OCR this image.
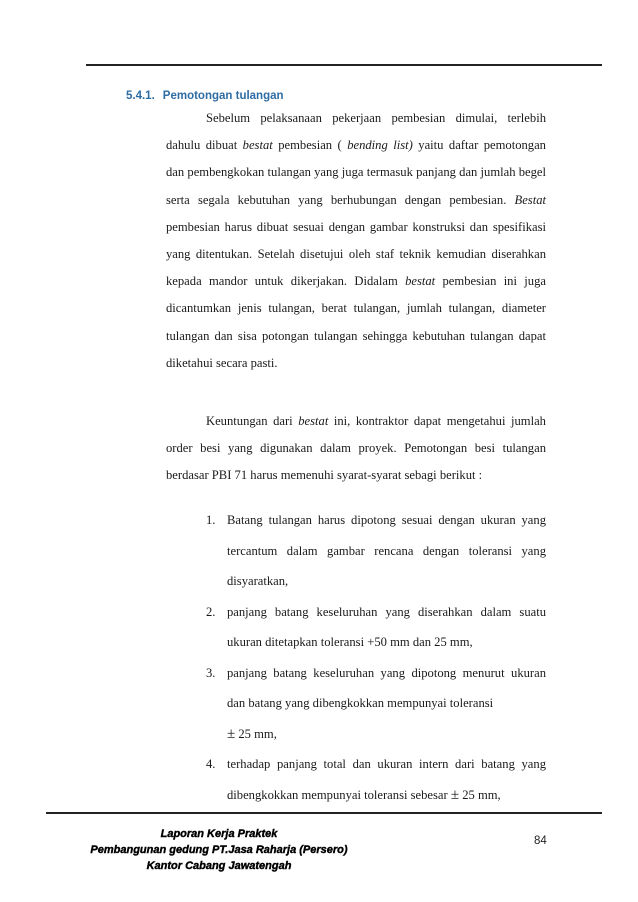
5.4.1. Pemotongan tulangan

Sebelum pelaksanaan pekerjaan pembesian dimulai, terlebih dahulu dibuat bestat pembesian ( bending list) yaitu daftar pemotongan dan pembengkokan tulangan yang juga termasuk panjang dan jumlah begel serta segala kebutuhan yang berhubungan dengan pembesian. Bestat pembesian harus dibuat sesuai dengan gambar konstruksi dan spesifikasi yang ditentukan. Setelah disetujui oleh staf teknik kemudian diserahkan kepada mandor untuk dikerjakan. Didalam bestat pembesian ini juga dicantumkan jenis tulangan, berat tulangan, jumlah tulangan, diameter tulangan dan sisa potongan tulangan sehingga kebutuhan tulangan dapat diketahui secara pasti.

Keuntungan dari bestat ini, kontraktor dapat mengetahui jumlah order besi yang digunakan dalam proyek. Pemotongan besi tulangan berdasar PBI 71 harus memenuhi syarat-syarat sebagi berikut :

1. Batang tulangan harus dipotong sesuai dengan ukuran yang tercantum dalam gambar rencana dengan toleransi yang disyaratkan,
2. panjang batang keseluruhan yang diserahkan dalam suatu ukuran ditetapkan toleransi +50 mm dan 25 mm,
3. panjang batang keseluruhan yang dipotong menurut ukuran dan batang yang dibengkokkan mempunyai toleransi
± 25 mm,
4. terhadap panjang total dan ukuran intern dari batang yang dibengkokkan mempunyai toleransi sebesar ± 25 mm,
Laporan Kerja Praktek
Pembangunan gedung PT.Jasa Raharja (Persero)
Kantor Cabang Jawatengah
84
